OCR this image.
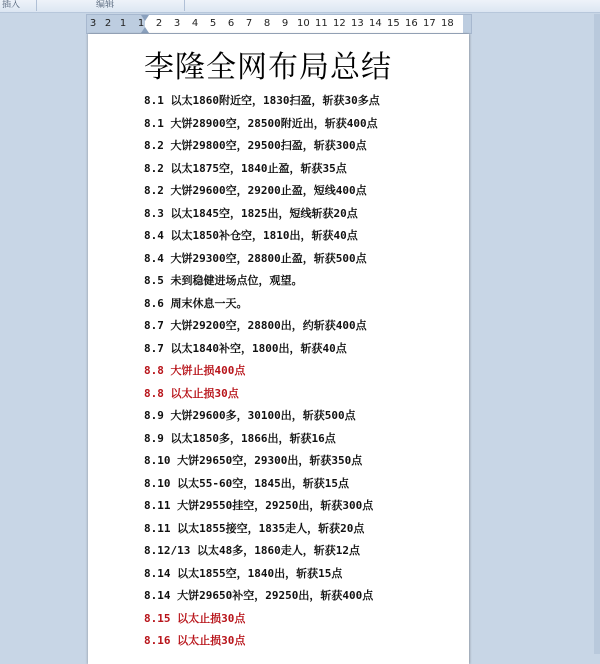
插入	编辑
3 2 1 1 2 3 4 5 6 7 8 9 10 11 12 13 14 15 16 17 18
李隆全网布局总结
8.1 以太1860附近空，1830扫盈，斩获30多点
8.1 大饼28900空，28500附近出，斩获400点
8.2 大饼29800空，29500扫盈，斩获300点
8.2 以太1875空，1840止盈，斩获35点
8.2 大饼29600空，29200止盈，短线400点
8.3 以太1845空，1825出，短线斩获20点
8.4 以太1850补仓空，1810出，斩获40点
8.4 大饼29300空，28800止盈，斩获500点
8.5 未到稳健进场点位，观望。
8.6 周末休息一天。
8.7 大饼29200空，28800出，约斩获400点
8.7 以太1840补空，1800出，斩获40点
8.8 大饼止损400点
8.8 以太止损30点
8.9 大饼29600多，30100出，斩获500点
8.9 以太1850多，1866出，斩获16点
8.10 大饼29650空，29300出，斩获350点
8.10 以太55-60空，1845出，斩获15点
8.11 大饼29550挂空，29250出，斩获300点
8.11 以太1855接空，1835走人，斩获20点
8.12/13 以太48多，1860走人，斩获12点
8.14 以太1855空，1840出，斩获15点
8.14 大饼29650补空，29250出，斩获400点
8.15 以太止损30点
8.16 以太止损30点
